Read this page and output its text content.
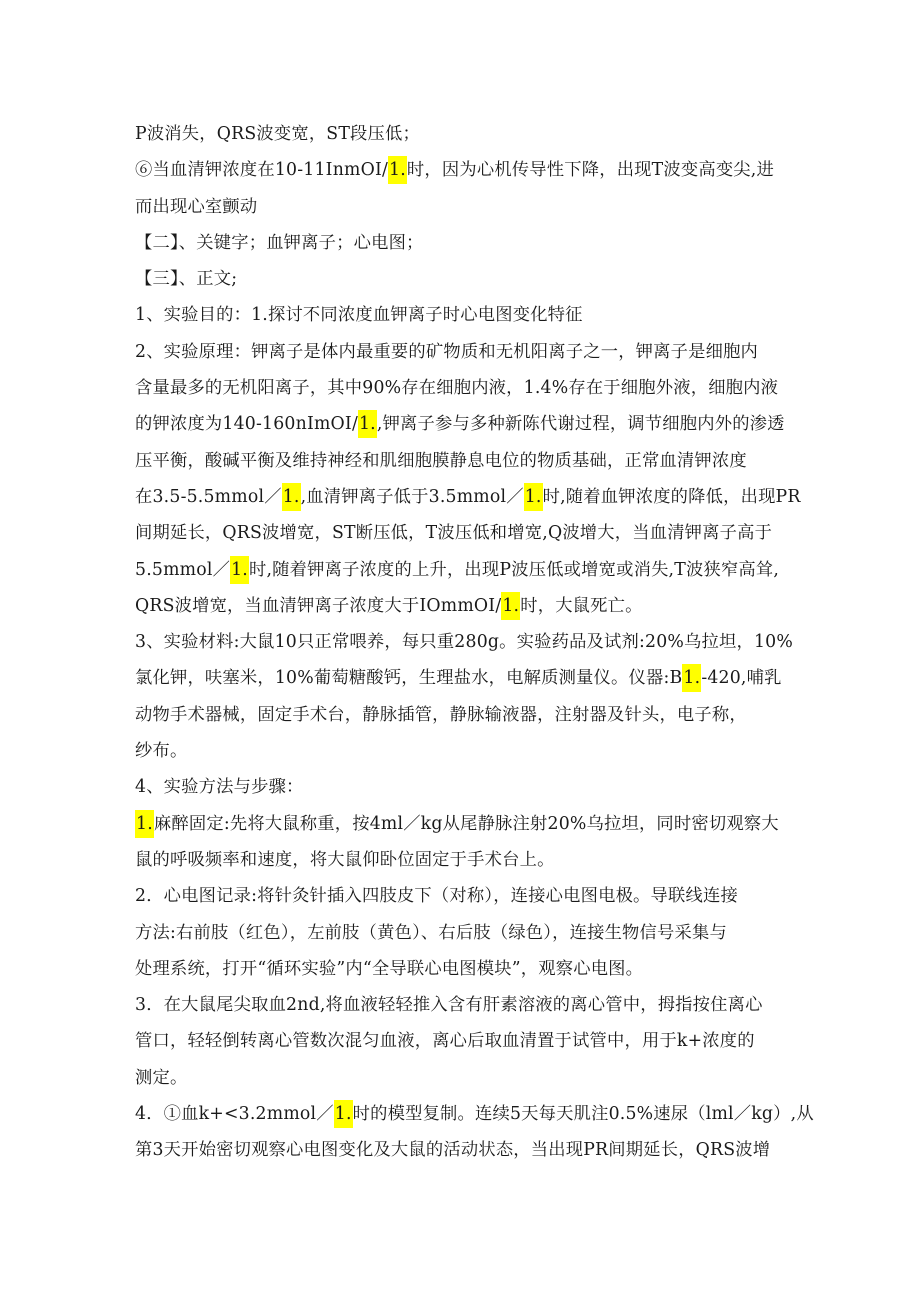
P波消失，QRS波变宽，ST段压低；
⑥当血清钾浓度在10-11InmOI/1.时，因为心机传导性下降，出现T波变高变尖,进
而出现心室颤动
【二】、关键字；血钾离子；心电图；
【三】、正文;
1、实验目的：1.探讨不同浓度血钾离子时心电图变化特征
2、实验原理：钾离子是体内最重要的矿物质和无机阳离子之一，钾离子是细胞内
含量最多的无机阳离子，其中90%存在细胞内液，1.4%存在于细胞外液，细胞内液
的钾浓度为140-160nImOI/1.,钾离子参与多种新陈代谢过程，调节细胞内外的渗透
压平衡，酸碱平衡及维持神经和肌细胞膜静息电位的物质基础，正常血清钾浓度
在3.5-5.5mmol／1.,血清钾离子低于3.5mmol／1.时,随着血钾浓度的降低，出现PR
间期延长，QRS波增宽，ST断压低，T波压低和增宽,Q波增大，当血清钾离子高于
5.5mmol／1.时,随着钾离子浓度的上升，出现P波压低或增宽或消失,T波狭窄高耸,
QRS波增宽，当血清钾离子浓度大于IOmmOI/1.时，大鼠死亡。
3、实验材料:大鼠10只正常喂养，每只重280g。实验药品及试剂:20%乌拉坦，10%
氯化钾，呋塞米，10%葡萄糖酸钙，生理盐水，电解质测量仪。仪器:B1.-420,哺乳
动物手术器械，固定手术台，静脉插管，静脉输液器，注射器及针头，电子称，
纱布。
4、实验方法与步骤：
1.麻醉固定:先将大鼠称重，按4ml／kg从尾静脉注射20%乌拉坦，同时密切观察大
鼠的呼吸频率和速度，将大鼠仰卧位固定于手术台上。
2．心电图记录:将针灸针插入四肢皮下（对称），连接心电图电极。导联线连接
方法:右前肢（红色），左前肢（黄色）、右后肢（绿色），连接生物信号采集与
处理系统，打开“循环实验”内“全导联心电图模块”，观察心电图。
3．在大鼠尾尖取血2nd,将血液轻轻推入含有肝素溶液的离心管中，拇指按住离心
管口，轻轻倒转离心管数次混匀血液，离心后取血清置于试管中，用于k+浓度的
测定。
4．①血k+<3.2mmol／1.时的模型复制。连续5天每天肌注0.5%速尿（lml／kg）,从
第3天开始密切观察心电图变化及大鼠的活动状态，当出现PR间期延长，QRS波增
